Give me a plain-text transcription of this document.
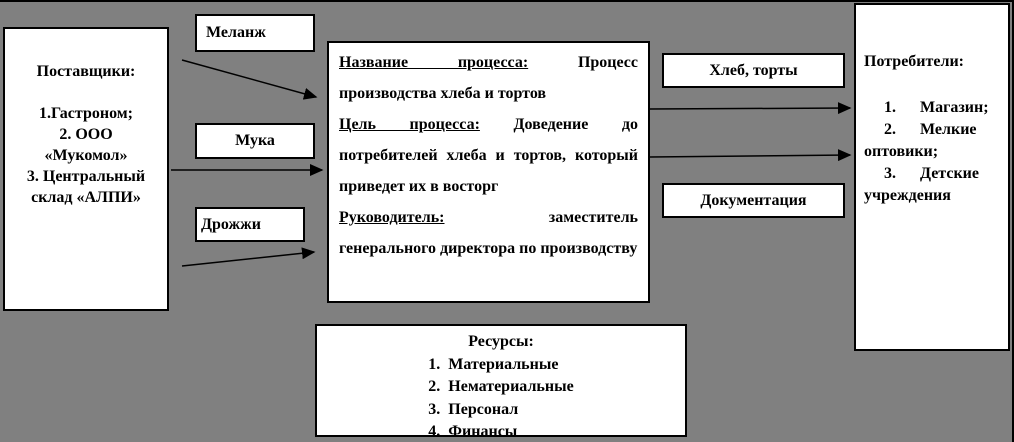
Поставщики:
1.Гастроном;
2. ООО «Мукомол»
3. Центральный склад «АЛПИ»
Меланж
Мука
Дрожжи

Название процесса:	Процесс производства хлеба и тортов

Цель процесса: Доведение до потребителей хлеба и тортов, который приведет их в восторг

Руководитель:	заместитель генерального директора по производству

Хлеб, торты
Документация
Потребители:
1. Магазин;
2. Мелкие оптовики;
3. Детские учреждения
Ресурсы:
1. Материальные
2. Нематериальные
3. Персонал
4. Финансы
